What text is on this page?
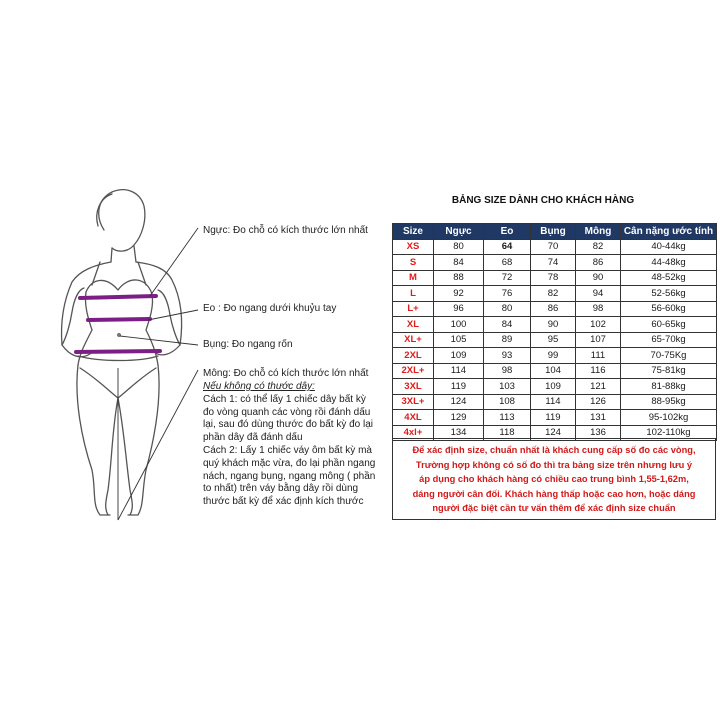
Ngực: Đo chỗ có kích thước lớn nhất
Eo : Đo ngang dưới khuỷu tay
Bụng: Đo ngang rốn
Mông: Đo chỗ có kích thước lớn nhất
Nếu không có thước dây:
Cách 1: có thể lấy 1 chiếc dây bất kỳ
đo vòng quanh các vòng rồi đánh dấu
lại, sau đó dùng thước đo bất kỳ đo lại
phần dây đã đánh dấu
Cách 2: Lấy 1 chiếc váy ôm bất kỳ mà
quý khách mặc vừa, đo lại phần ngang
nách, ngang bụng, ngang mông ( phần
to nhất) trên váy bằng dây rồi dùng
thước bất kỳ để xác định kích thước
BẢNG SIZE DÀNH CHO KHÁCH HÀNG
Size	Ngực	Eo	Bụng	Mông	Cân nặng ước tính
XS	80	64	70	82	40-44kg
S	84	68	74	86	44-48kg
M	88	72	78	90	48-52kg
L	92	76	82	94	52-56kg
L+	96	80	86	98	56-60kg
XL	100	84	90	102	60-65kg
XL+	105	89	95	107	65-70kg
2XL	109	93	99	111	70-75Kg
2XL+	114	98	104	116	75-81kg
3XL	119	103	109	121	81-88kg
3XL+	124	108	114	126	88-95kg
4XL	129	113	119	131	95-102kg
4xl+	134	118	124	136	102-110kg
Để xác định size, chuẩn nhất là khách cung cấp số đo các vòng,
Trường hợp không có số đo thì tra bảng size trên nhưng lưu ý
áp dụng cho khách hàng có chiều cao trung bình 1,55-1,62m,
dáng người cân đối. Khách hàng thấp hoặc cao hơn, hoặc dáng
người đặc biệt cần tư vấn thêm để xác định size chuẩn
